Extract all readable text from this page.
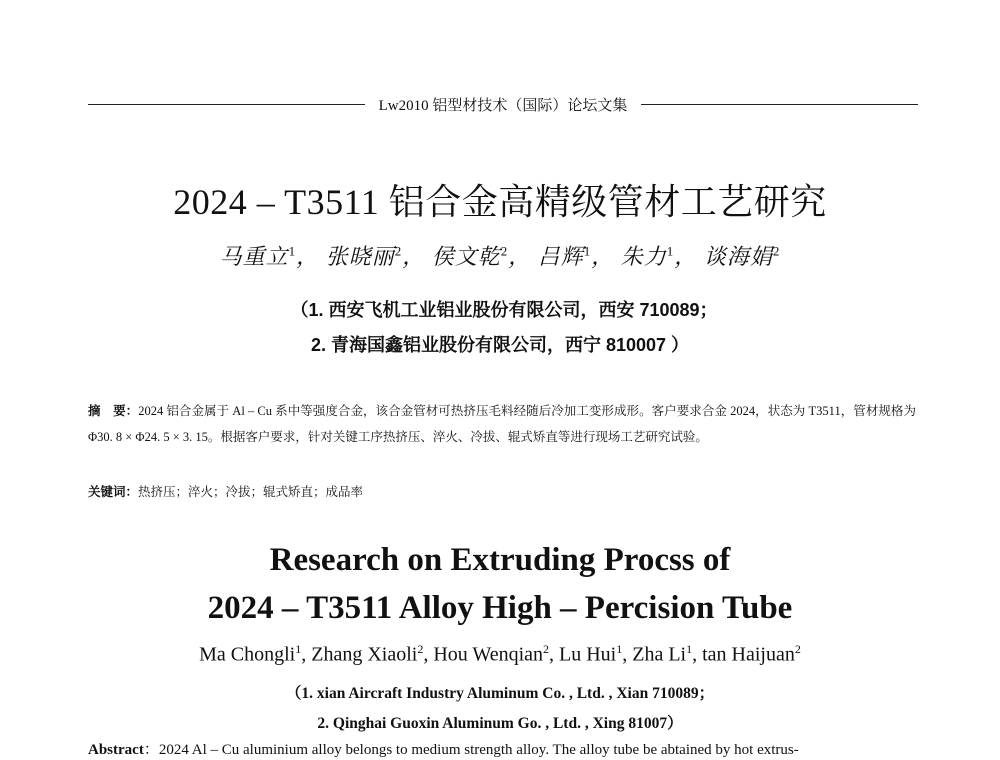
Lw2010 铝型材技术（国际）论坛文集
2024 – T3511 铝合金高精级管材工艺研究
马重立$^1$， 张晓丽$^2$， 侯文乾$^2$， 吕辉$^1$， 朱力$^1$， 谈海娟$^2$
（1. 西安飞机工业铝业股份有限公司，西安 710089；
2. 青海国鑫铝业股份有限公司，西宁 810007 ）
摘　要：2024 铝合金属于 Al – Cu 系中等强度合金，该合金管材可热挤压毛料经随后冷加工变形成形。客户要求合金 2024，状态为 T3511，管材规格为 Φ30. 8 × Φ24. 5 × 3. 15。根据客户要求，针对关键工序热挤压、淬火、冷拔、辊式矫直等进行现场工艺研究试验。
关键词：热挤压；淬火；冷拔；辊式矫直；成品率
Research on Extruding Procss of
2024 – T3511 Alloy High – Percision Tube
Ma Chongli$^1$, Zhang Xiaoli$^2$, Hou Wenqian$^2$, Lu Hui$^1$, Zha Li$^1$, tan Haijuan$^2$
（1. xian Aircraft Industry Aluminum Co. , Ltd. , Xian 710089；
2. Qinghai Guoxin Aluminum Go. , Ltd. , Xing 81007）
Abstract：2024 Al – Cu aluminium alloy belongs to medium strength alloy. The alloy tube be abtained by hot extrus-
